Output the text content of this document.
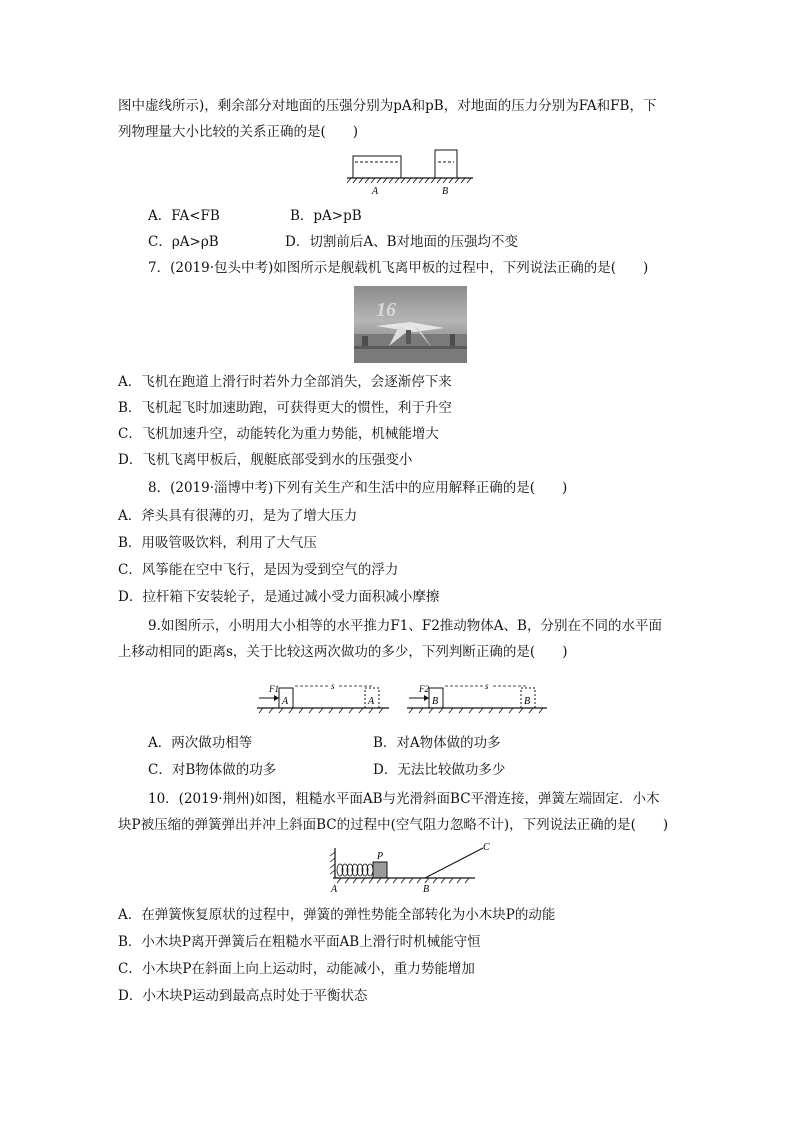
图中虚线所示)，剩余部分对地面的压强分别为pA和pB，对地面的压力分别为FA和FB，下
列物理量大小比较的关系正确的是(　　)
A	B
A．FA<FB	B．pA>pB
C．ρA>ρB	D．切割前后A、B对地面的压强均不变
7．(2019·包头中考)如图所示是舰载机飞离甲板的过程中，下列说法正确的是(　　)
16
A．飞机在跑道上滑行时若外力全部消失，会逐渐停下来
B．飞机起飞时加速助跑，可获得更大的惯性，利于升空
C．飞机加速升空，动能转化为重力势能，机械能增大
D．飞机飞离甲板后，舰艇底部受到水的压强变小
8．(2019·淄博中考)下列有关生产和生活中的应用解释正确的是(　　)
A．斧头具有很薄的刃，是为了增大压力
B．用吸管吸饮料，利用了大气压
C．风筝能在空中飞行，是因为受到空气的浮力
D．拉杆箱下安装轮子，是通过减小受力面积减小摩擦
9.如图所示，小明用大小相等的水平推力F1、F2推动物体A、B，分别在不同的水平面
上移动相同的距离s，关于比较这两次做功的多少，下列判断正确的是(　　)
F1
A
s
A
F2
B
s
B
A．两次做功相等	B．对A物体做的功多
C．对B物体做的功多	D．无法比较做功多少
10．(2019·荆州)如图，粗糙水平面AB与光滑斜面BC平滑连接，弹簧左端固定．小木
块P被压缩的弹簧弹出并冲上斜面BC的过程中(空气阻力忽略不计)，下列说法正确的是(　　)
P
A	B
C
A．在弹簧恢复原状的过程中，弹簧的弹性势能全部转化为小木块P的动能
B．小木块P离开弹簧后在粗糙水平面AB上滑行时机械能守恒
C．小木块P在斜面上向上运动时，动能减小，重力势能增加
D．小木块P运动到最高点时处于平衡状态
